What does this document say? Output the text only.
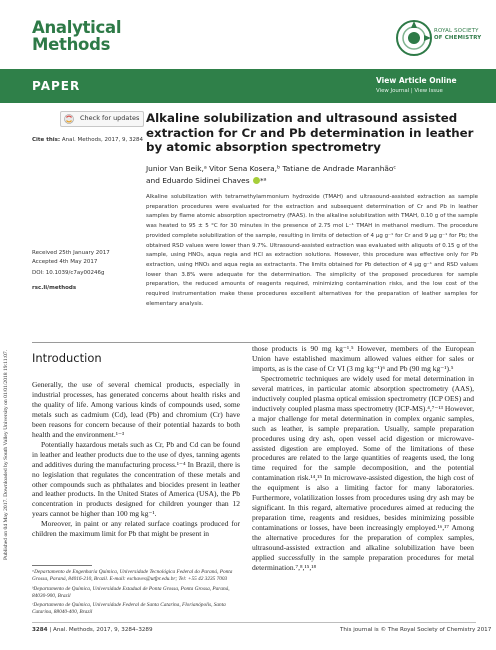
Analytical
Methods
ROYAL SOCIETY
OF CHEMISTRY
PAPER	View Article Online
View Journal | View Issue
Check for updates
Cite this: Anal. Methods, 2017, 9, 3284
Alkaline solubilization and ultrasound assisted extraction for Cr and Pb determination in leather by atomic absorption spectrometry
Junior Van Beik,ᵃ Vitor Sena Kosera,ᵇ Tatiane de Andrade Maranhãoᶜ
and Eduardo Sidinei Chaves *ᵃ
Alkaline solubilization with tetramethylammonium hydroxide (TMAH) and ultrasound-assisted extraction as sample preparation procedures were evaluated for the extraction and subsequent determination of Cr and Pb in leather samples by flame atomic absorption spectrometry (FAAS). In the alkaline solubilization with TMAH, 0.10 g of the sample was heated to 95 ± 5 °C for 30 minutes in the presence of 2.75 mol L⁻¹ TMAH in methanol medium. The procedure provided complete solubilization of the sample, resulting in limits of detection of 4 μg g⁻¹ for Cr and 9 μg g⁻¹ for Pb; the obtained RSD values were lower than 9.7%. Ultrasound-assisted extraction was evaluated with aliquots of 0.15 g of the sample, using HNO₃, aqua regia and HCl as extraction solutions. However, this procedure was effective only for Pb extraction, using HNO₃ and aqua regia as extractants. The limits obtained for Pb detection of 4 μg g⁻¹ and RSD values lower than 3.8% were adequate for the determination. The simplicity of the proposed procedures for sample preparation, the reduced amounts of reagents required, minimizing contamination risks, and the low cost of the required instrumentation make these procedures excellent alternatives for the preparation of leather samples for elementary analysis.
Received 25th January 2017
Accepted 4th May 2017
DOI: 10.1039/c7ay00246g
rsc.li/methods
Published on 04 May 2017. Downloaded by South Valley University on 01/01/2018 19:11:07. Introduction

Generally, the use of several chemical products, especially in industrial processes, has generated concerns about health risks and the quality of life. Among various kinds of compounds used, some metals such as cadmium (Cd), lead (Pb) and chromium (Cr) have been reasons for concern because of their potential hazards to both health and the environment.¹⁻³

Potentially hazardous metals such as Cr, Pb and Cd can be found in leather and leather products due to the use of dyes, tanning agents and additives during the manufacturing process.¹⁻⁴ In Brazil, there is no legislation that regulates the concentration of these metals and other compounds such as phthalates and biocides present in leather and leather products. In the United States of America (USA), the Pb concentration in products designed for children younger than 12 years cannot be higher than 100 mg kg⁻¹.

Moreover, in paint or any related surface coatings produced for children the maximum limit for Pb that might be present in

those products is 90 mg kg⁻¹.⁵ However, members of the European Union have established maximum allowed values either for sales or imports, as is the case of Cr VI (3 mg kg⁻¹)⁶ and Pb (90 mg kg⁻¹).⁵

Spectrometric techniques are widely used for metal determination in several matrices, in particular atomic absorption spectrometry (AAS), inductively coupled plasma optical emission spectrometry (ICP OES) and inductively coupled plasma mass spectrometry (ICP-MS).⁴,⁷⁻¹³ However, a major challenge for metal determination in complex organic samples, such as leather, is sample preparation. Usually, sample preparation procedures using dry ash, open vessel acid digestion or microwave-assisted digestion are employed. Some of the limitations of these procedures are related to the large quantities of reagents used, the long time required for the sample decomposition, and the potential contamination risk.¹⁴,¹⁵ In microwave-assisted digestion, the high cost of the equipment is also a limiting factor for many laboratories. Furthermore, volatilization losses from procedures using dry ash may be significant. In this regard, alternative procedures aimed at reducing the preparation time, reagents and residues, besides minimizing possible contaminations or losses, have been increasingly employed.¹⁶,¹⁷ Among the alternative procedures for the preparation of complex samples, ultrasound-assisted extraction and alkaline solubilization have been applied successfully in the sample preparation procedures for metal determination.⁷,⁸,¹⁵,¹⁸

ᵃDepartamento de Engenharia Química, Universidade Tecnológica Federal do Paraná, Ponta Grossa, Paraná, 84016-210, Brazil. E-mail: eschaves@utfpr.edu.br; Tel: +55 42 3235 7003

ᵇDepartamento de Química, Universidade Estadual de Ponta Grossa, Ponta Grossa, Paraná, 84030-900, Brazil

ᶜDepartamento de Química, Universidade Federal de Santa Catarina, Florianópolis, Santa Catarina, 88040-400, Brazil

3284 | Anal. Methods, 2017, 9, 3284–3289	This journal is © The Royal Society of Chemistry 2017
